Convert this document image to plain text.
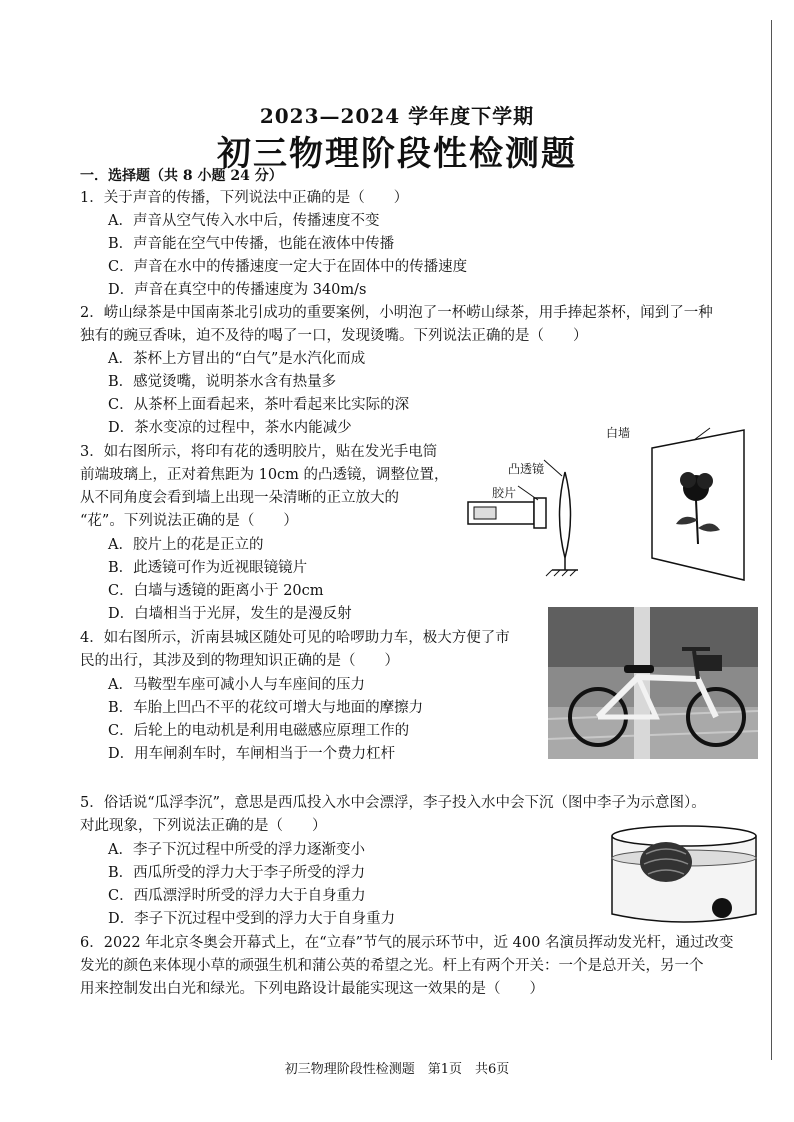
2023—2024 学年度下学期
初三物理阶段性检测题
一．选择题（共 8 小题 24 分）
1．关于声音的传播，下列说法中正确的是（　　）
A．声音从空气传入水中后，传播速度不变
B．声音能在空气中传播，也能在液体中传播
C．声音在水中的传播速度一定大于在固体中的传播速度
D．声音在真空中的传播速度为 340m/s
2．崂山绿茶是中国南茶北引成功的重要案例，小明泡了一杯崂山绿茶，用手捧起茶杯，闻到了一种
独有的豌豆香味，迫不及待的喝了一口，发现烫嘴。下列说法正确的是（　　）
A．茶杯上方冒出的“白气”是水汽化而成
B．感觉烫嘴，说明茶水含有热量多
C．从茶杯上面看起来，茶叶看起来比实际的深
D．茶水变凉的过程中，茶水内能减少
3．如右图所示，将印有花的透明胶片，贴在发光手电筒
前端玻璃上，正对着焦距为 10cm 的凸透镜，调整位置，
从不同角度会看到墙上出现一朵清晰的正立放大的
“花”。下列说法正确的是（　　）
A．胶片上的花是正立的
B．此透镜可作为近视眼镜镜片
C．白墙与透镜的距离小于 20cm
D．白墙相当于光屏，发生的是漫反射
4．如右图所示，沂南县城区随处可见的哈啰助力车，极大方便了市
民的出行，其涉及到的物理知识正确的是（　　）
A．马鞍型车座可减小人与车座间的压力
B．车胎上凹凸不平的花纹可增大与地面的摩擦力
C．后轮上的电动机是利用电磁感应原理工作的
D．用车闸刹车时，车闸相当于一个费力杠杆
5．俗话说“瓜浮李沉”，意思是西瓜投入水中会漂浮，李子投入水中会下沉（图中李子为示意图）。
对此现象，下列说法正确的是（　　）
A．李子下沉过程中所受的浮力逐渐变小
B．西瓜所受的浮力大于李子所受的浮力
C．西瓜漂浮时所受的浮力大于自身重力
D．李子下沉过程中受到的浮力大于自身重力
6．2022 年北京冬奥会开幕式上，在“立春”节气的展示环节中，近 400 名演员挥动发光杆，通过改变
发光的颜色来体现小草的顽强生机和蒲公英的希望之光。杆上有两个开关：一个是总开关，另一个
用来控制发出白光和绿光。下列电路设计最能实现这一效果的是（　　）
白墙
凸透镜
胶片
初三物理阶段性检测题　第1页　共6页
